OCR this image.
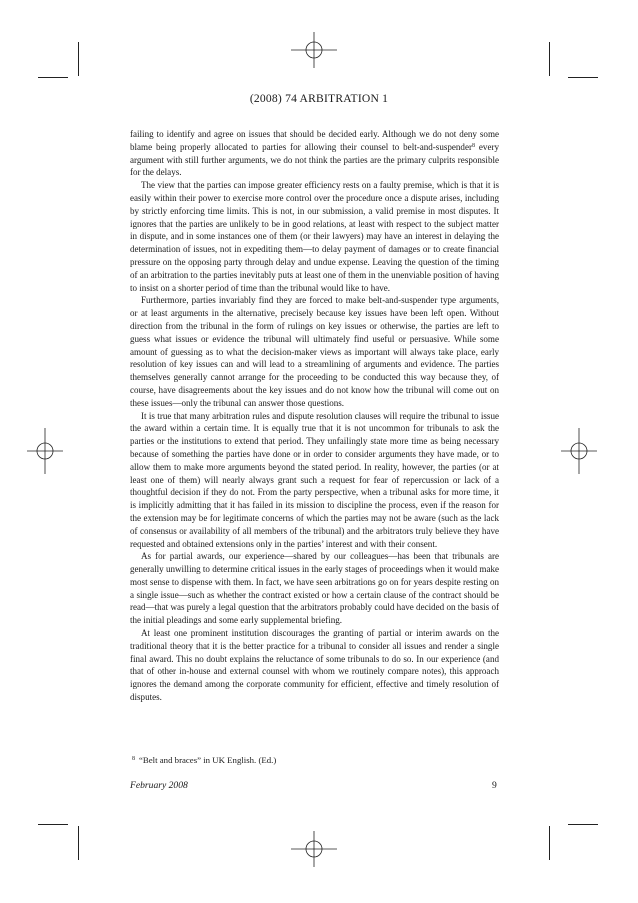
(2008) 74 ARBITRATION 1

failing to identify and agree on issues that should be decided early. Although we do not deny some blame being properly allocated to parties for allowing their counsel to belt-and-suspender$^8$ every argument with still further arguments, we do not think the parties are the primary culprits responsible for the delays.

The view that the parties can impose greater efficiency rests on a faulty premise, which is that it is easily within their power to exercise more control over the procedure once a dispute arises, including by strictly enforcing time limits. This is not, in our submission, a valid premise in most disputes. It ignores that the parties are unlikely to be in good relations, at least with respect to the subject matter in dispute, and in some instances one of them (or their lawyers) may have an interest in delaying the determination of issues, not in expediting them—to delay payment of damages or to create financial pressure on the opposing party through delay and undue expense. Leaving the question of the timing of an arbitration to the parties inevitably puts at least one of them in the unenviable position of having to insist on a shorter period of time than the tribunal would like to have.

Furthermore, parties invariably find they are forced to make belt-and-suspender type arguments, or at least arguments in the alternative, precisely because key issues have been left open. Without direction from the tribunal in the form of rulings on key issues or otherwise, the parties are left to guess what issues or evidence the tribunal will ultimately find useful or persuasive. While some amount of guessing as to what the decision-maker views as important will always take place, early resolution of key issues can and will lead to a streamlining of arguments and evidence. The parties themselves generally cannot arrange for the proceeding to be conducted this way because they, of course, have disagreements about the key issues and do not know how the tribunal will come out on these issues—only the tribunal can answer those questions.

It is true that many arbitration rules and dispute resolution clauses will require the tribunal to issue the award within a certain time. It is equally true that it is not uncommon for tribunals to ask the parties or the institutions to extend that period. They unfailingly state more time as being necessary because of something the parties have done or in order to consider arguments they have made, or to allow them to make more arguments beyond the stated period. In reality, however, the parties (or at least one of them) will nearly always grant such a request for fear of repercussion or lack of a thoughtful decision if they do not. From the party perspective, when a tribunal asks for more time, it is implicitly admitting that it has failed in its mission to discipline the process, even if the reason for the extension may be for legitimate concerns of which the parties may not be aware (such as the lack of consensus or availability of all members of the tribunal) and the arbitrators truly believe they have requested and obtained extensions only in the parties’ interest and with their consent.

As for partial awards, our experience—shared by our colleagues—has been that tribunals are generally unwilling to determine critical issues in the early stages of proceedings when it would make most sense to dispense with them. In fact, we have seen arbitrations go on for years despite resting on a single issue—such as whether the contract existed or how a certain clause of the contract should be read—that was purely a legal question that the arbitrators probably could have decided on the basis of the initial pleadings and some early supplemental briefing.

At least one prominent institution discourages the granting of partial or interim awards on the traditional theory that it is the better practice for a tribunal to consider all issues and render a single final award. This no doubt explains the reluctance of some tribunals to do so. In our experience (and that of other in-house and external counsel with whom we routinely compare notes), this approach ignores the demand among the corporate community for efficient, effective and timely resolution of disputes.

$^8$ “Belt and braces” in UK English. (Ed.)
February 2008	9
